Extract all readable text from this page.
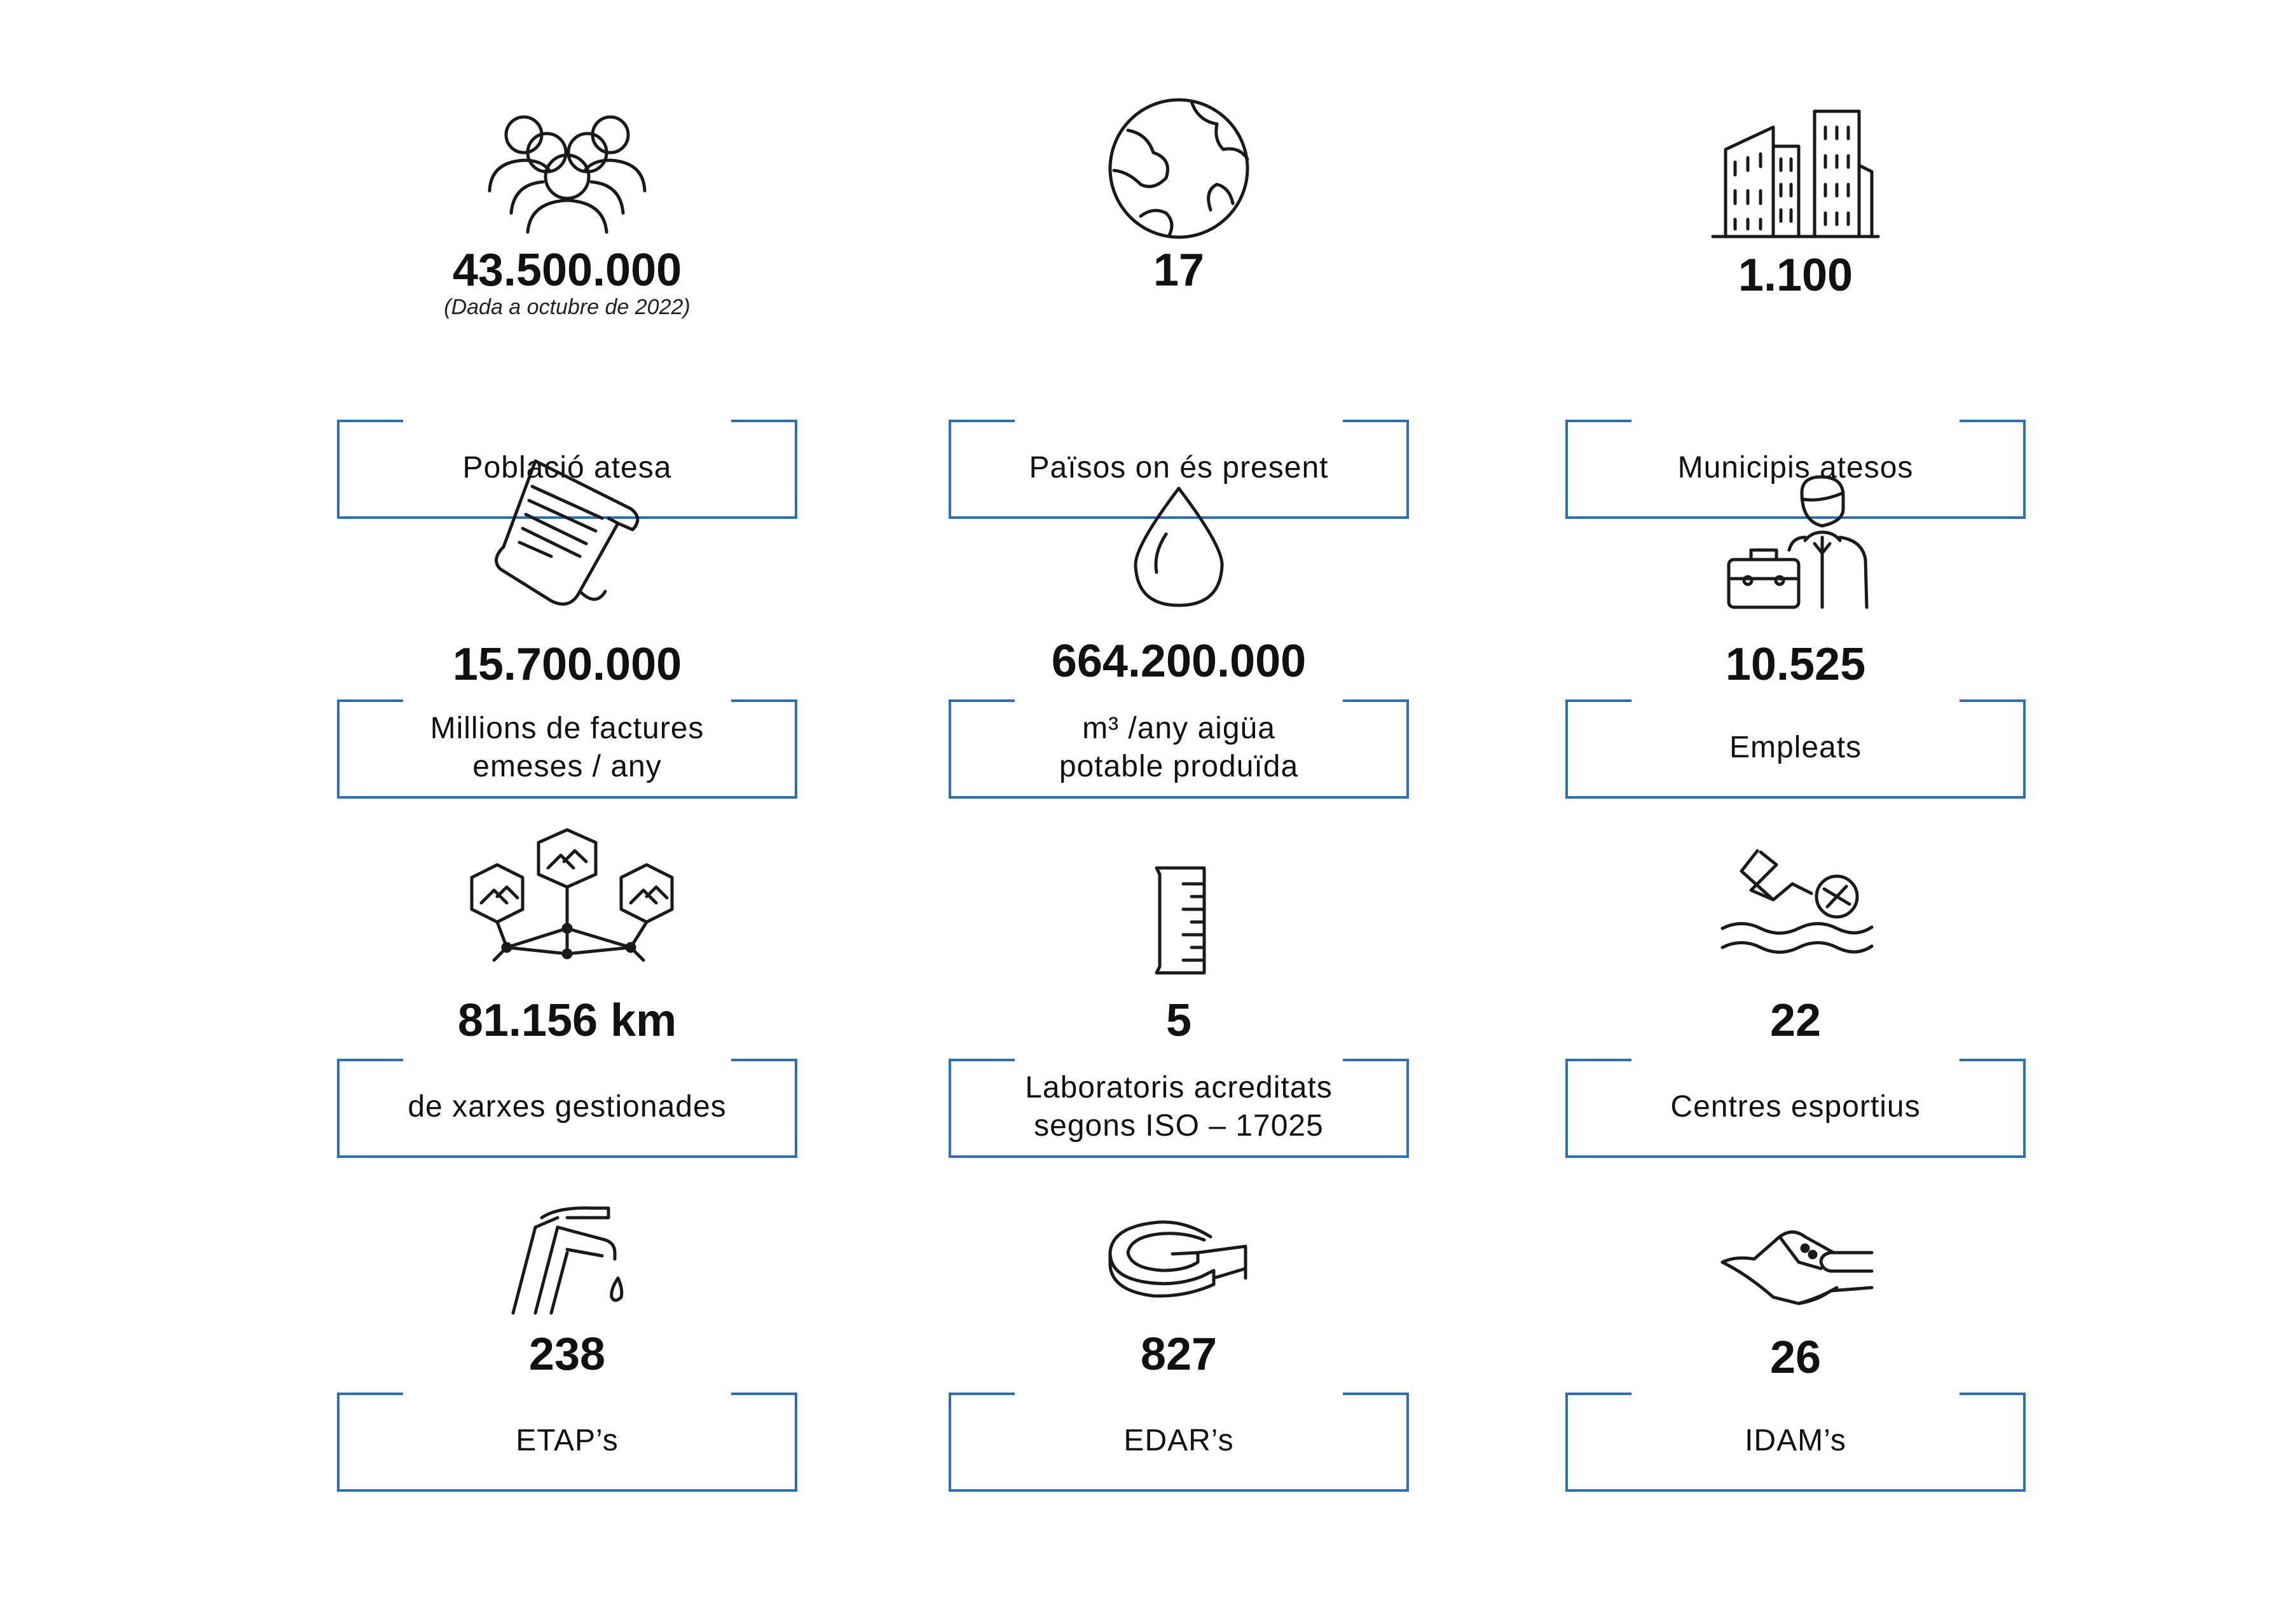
43.500.000
(Dada a octubre de 2022)
Població atesa
17
Països on és present
1.100
Municipis atesos
15.700.000
Millions de factures
emeses / any
664.200.000
m³ /any aigüa
potable produïda
10.525
Empleats
81.156 km
de xarxes gestionades
5
Laboratoris acreditats
segons ISO – 17025
22
Centres esportius
238
ETAP’s
827
EDAR’s
26
IDAM’s
